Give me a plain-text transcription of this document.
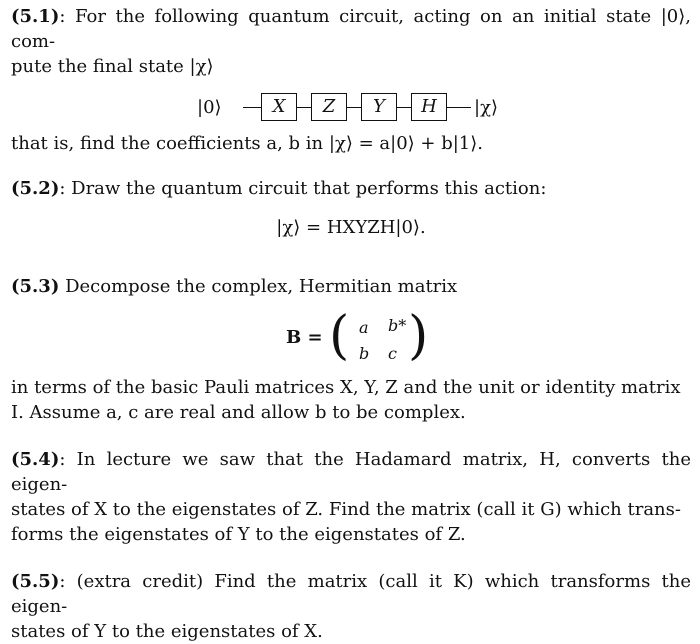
(5.1): For the following quantum circuit, acting on an initial state |0⟩, com-
pute the final state |χ⟩

|0⟩	X	Z	Y	H	|χ⟩

that is, find the coefficients a, b in |χ⟩ = a|0⟩ + b|1⟩.

(5.2): Draw the quantum circuit that performs this action:

|χ⟩ = HXYZH|0⟩.

(5.3) Decompose the complex, Hermitian matrix

B = ( a b*
b c )

in terms of the basic Pauli matrices X, Y, Z and the unit or identity matrix
I. Assume a, c are real and allow b to be complex.

(5.4): In lecture we saw that the Hadamard matrix, H, converts the eigen-
states of X to the eigenstates of Z. Find the matrix (call it G) which trans-
forms the eigenstates of Y to the eigenstates of Z.

(5.5): (extra credit) Find the matrix (call it K) which transforms the eigen-
states of Y to the eigenstates of X.
